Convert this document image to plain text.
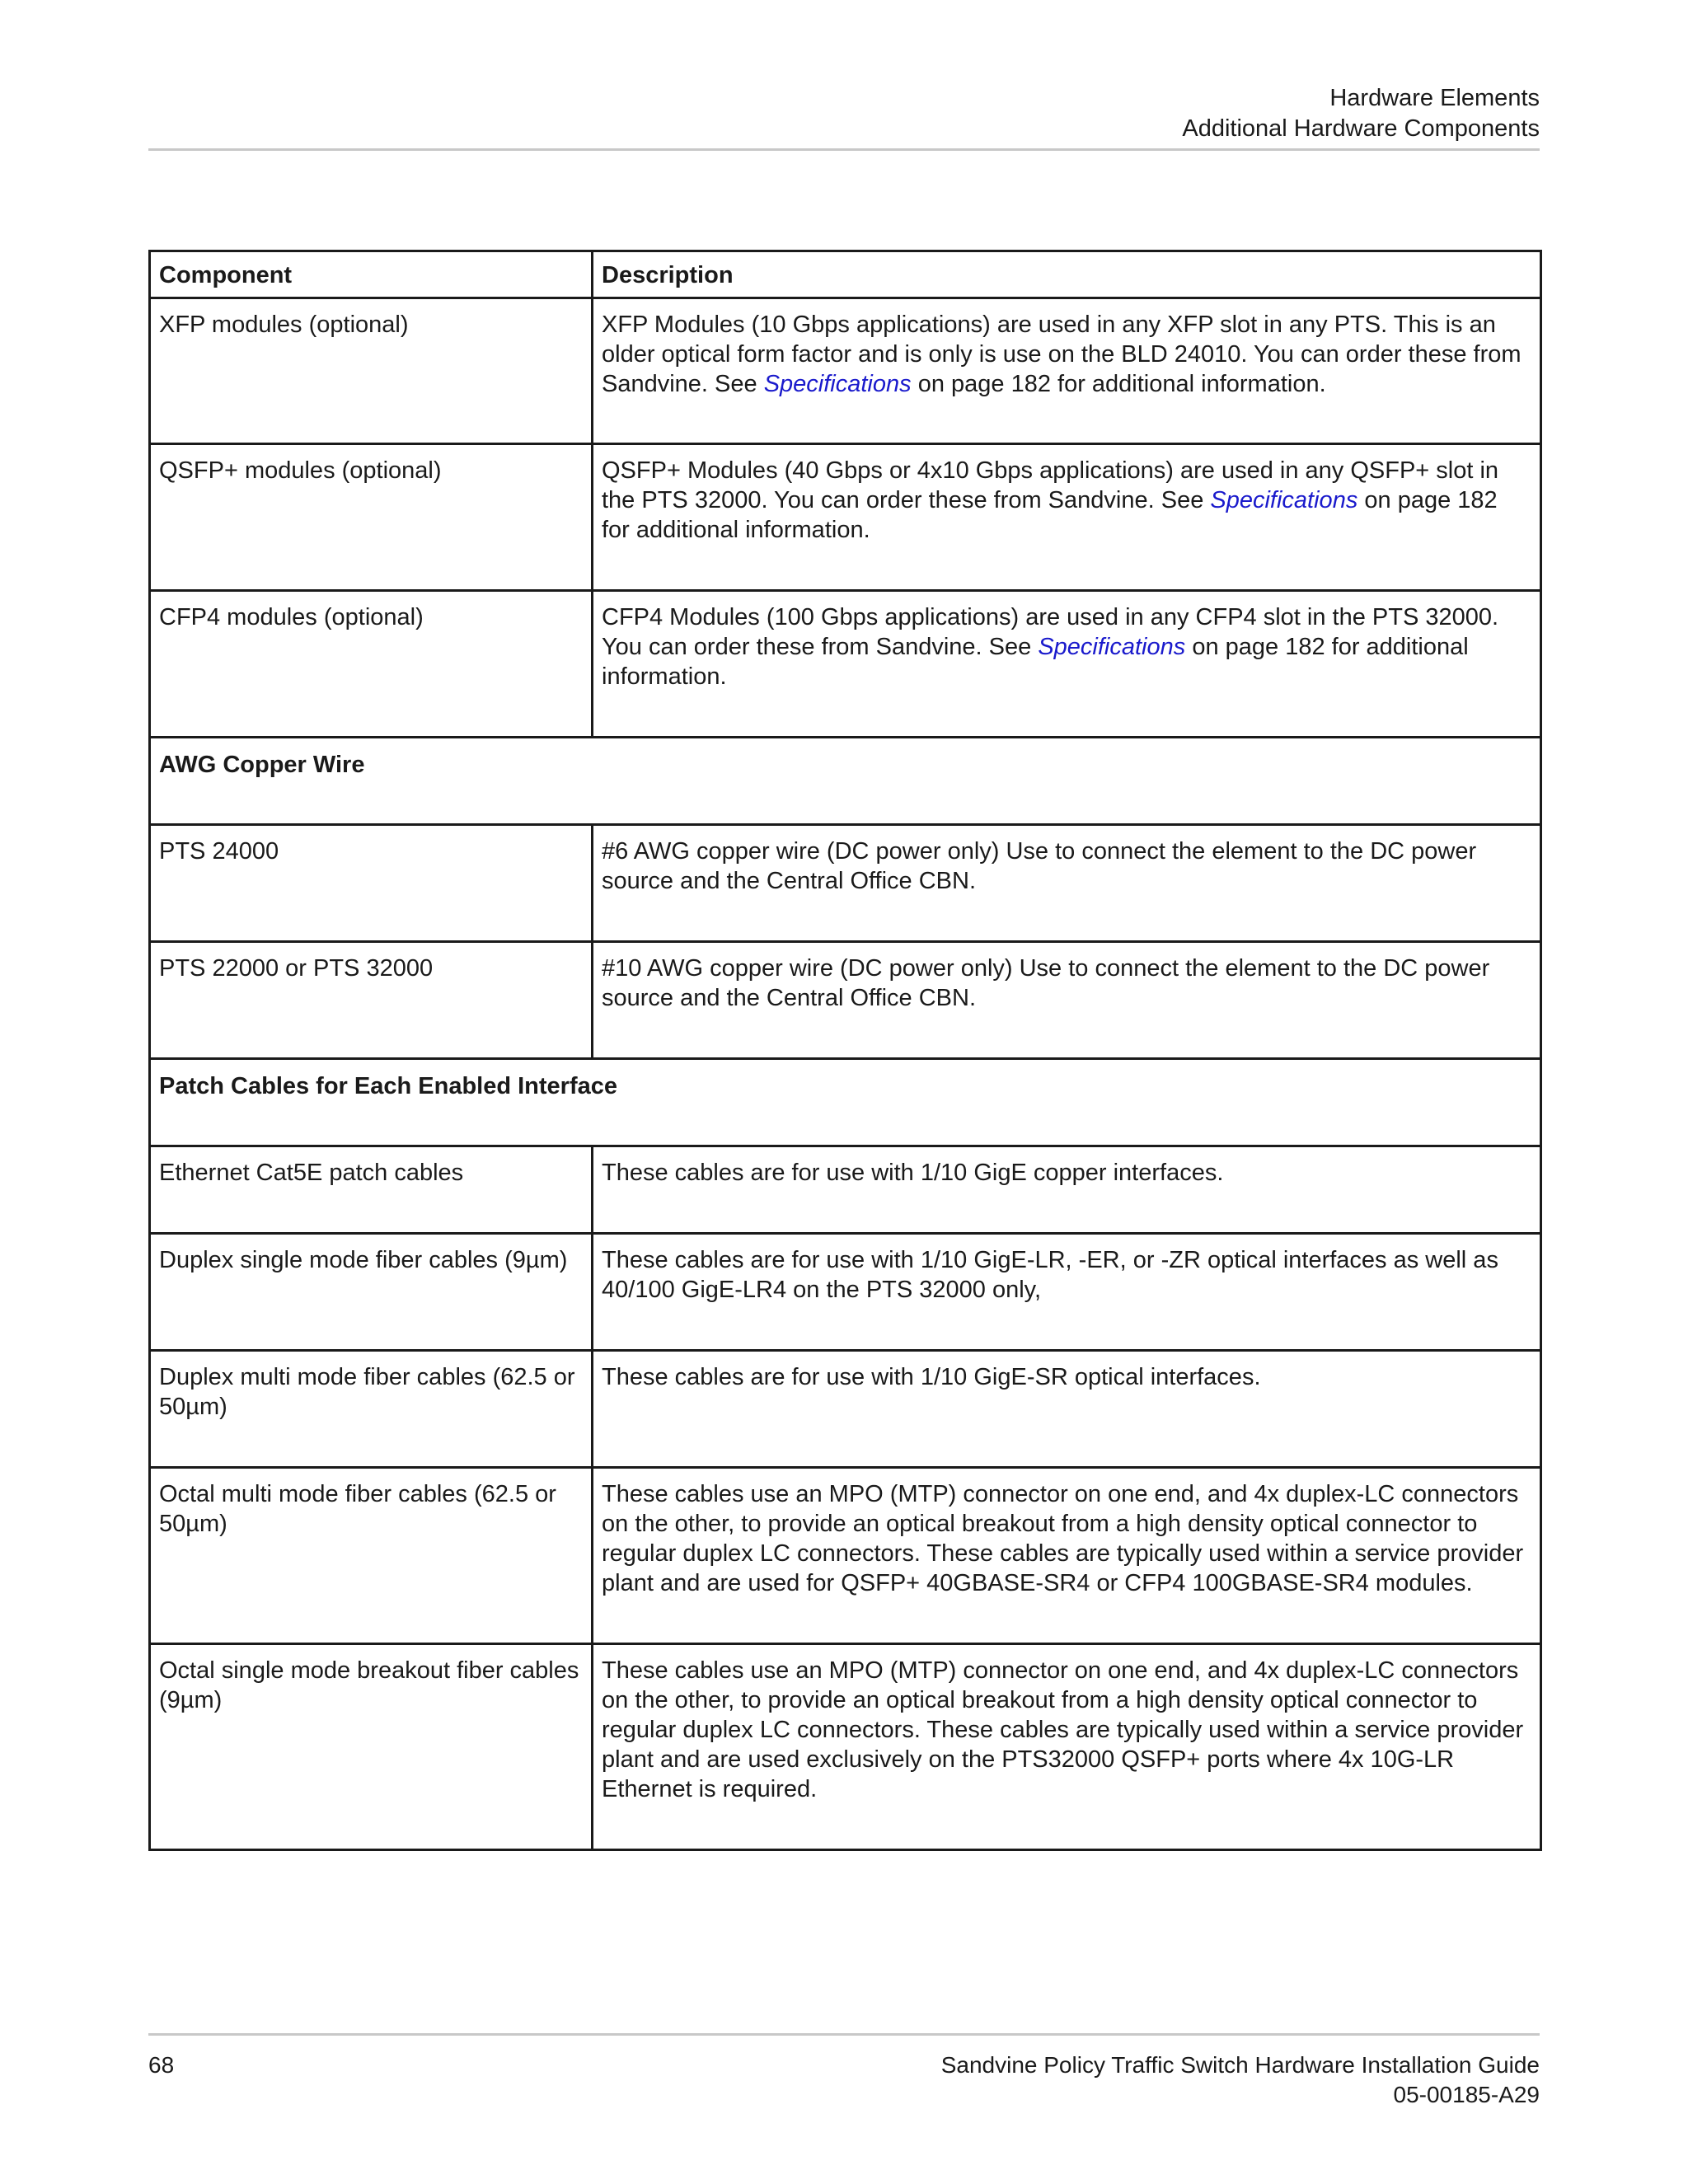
Hardware Elements
Additional Hardware Components
Component	Description
XFP modules (optional)	XFP Modules (10 Gbps applications) are used in any XFP slot in any PTS. This is an older optical form factor and is only is use on the BLD 24010. You can order these from Sandvine. See Specifications on page 182 for additional information.
QSFP+ modules (optional)	QSFP+ Modules (40 Gbps or 4x10 Gbps applications) are used in any QSFP+ slot in the PTS 32000. You can order these from Sandvine. See Specifications on page 182 for additional information.
CFP4 modules (optional)	CFP4 Modules (100 Gbps applications) are used in any CFP4 slot in the PTS 32000. You can order these from Sandvine. See Specifications on page 182 for additional information.
AWG Copper Wire	
PTS 24000	#6 AWG copper wire (DC power only) Use to connect the element to the DC power source and the Central Office CBN.
PTS 22000 or PTS 32000	#10 AWG copper wire (DC power only) Use to connect the element to the DC power source and the Central Office CBN.
Patch Cables for Each Enabled Interface	
Ethernet Cat5E patch cables	These cables are for use with 1/10 GigE copper interfaces.
Duplex single mode fiber cables (9µm)	These cables are for use with 1/10 GigE-LR, -ER, or -ZR optical interfaces as well as 40/100 GigE-LR4 on the PTS 32000 only,
Duplex multi mode fiber cables (62.5 or 50µm)	These cables are for use with 1/10 GigE-SR optical interfaces.
Octal multi mode fiber cables (62.5 or 50µm)	These cables use an MPO (MTP) connector on one end, and 4x duplex-LC connectors on the other, to provide an optical breakout from a high density optical connector to regular duplex LC connectors. These cables are typically used within a service provider plant and are used for QSFP+ 40GBASE-SR4 or CFP4 100GBASE-SR4 modules.
Octal single mode breakout fiber cables (9µm)	These cables use an MPO (MTP) connector on one end, and 4x duplex-LC connectors on the other, to provide an optical breakout from a high density optical connector to regular duplex LC connectors. These cables are typically used within a service provider plant and are used exclusively on the PTS32000 QSFP+ ports where 4x 10G-LR Ethernet is required.
68	Sandvine Policy Traffic Switch Hardware Installation Guide
05-00185-A29
